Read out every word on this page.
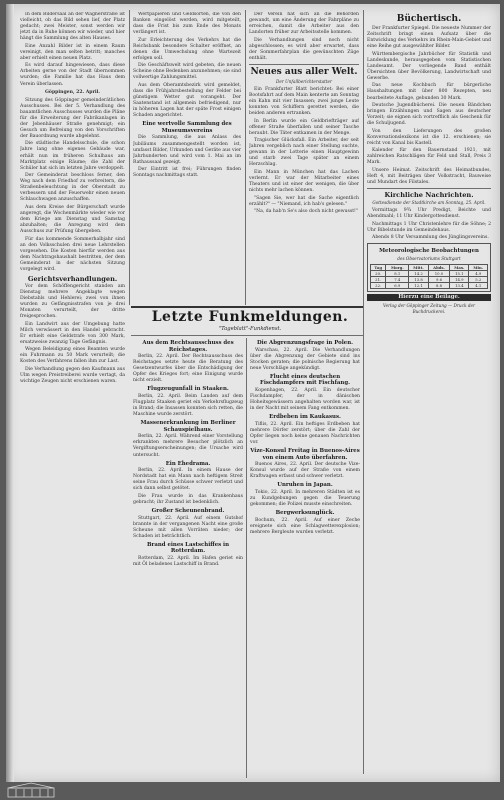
In dem Bildersaal an der Wagnerstraße ist vielleicht, ob das Bild sehen lief, der Platz gedacht; zwei Meister, sonst werden wir jetzt da in Ruhe können wir wieder, und hier hängt die Sammlung des alten Hauses.

Eine Anzahl Bilder ist in einem Raum vereinigt, den man selten betritt; manches aber erhielt einen neuen Platz.

Es wird darauf hingewiesen, dass diese Arbeiten gerne von der Stadt übernommen wurden; die Familie hat das Haus dem Verein überlassen.

Göppingen, 22. April.

Sitzung des Göppinger gemeinderätlichen Ausschusses. Bei der 5. Verhandlung des bauamtlichen Ausschusses wurden die Pläne für die Erweiterung der Fabrikanlagen in der Jebenhäuser Straße genehmigt; ein Gesuch um Befreiung von den Vorschriften der Bauordnung wurde abgelehnt.

Die städtische Handelsschule, die schon Jahre lang ohne eigenes Gebäude war, erhält nun im früheren Schulhaus am Marktplatz einige Räume; die Zahl der Schüler hat sich im letzten Jahre verdoppelt.

Der Gemeinderat beschloss ferner, den Weg nach dem Friedhof zu verbreitern, die Straßenbeleuchtung in der Oberstadt zu verbessern und der Feuerwehr einen neuen Schlauchwagen anzuschaffen.

Aus dem Kreise der Bürgerschaft wurde angeregt, die Wochenmärkte wieder wie vor dem Kriege am Dienstag und Samstag abzuhalten; die Anregung wird dem Ausschuss zur Prüfung übergeben.

Für das kommende Sommerhalbjahr sind an den Volksschulen drei neue Lehrstellen vorgesehen. Die Kosten hierfür werden aus dem Nachtragshaushalt bestritten, der dem Gemeinderat in der nächsten Sitzung vorgelegt wird.

Gerichtsverhandlungen.

Vor dem Schöffengericht standen am Dienstag mehrere Angeklagte wegen Diebstahls und Hehlerei; zwei von ihnen wurden zu Gefängnisstrafen von je drei Monaten verurteilt, der dritte freigesprochen.

Ein Landwirt aus der Umgebung hatte Milch verwässert in den Handel gebracht. Er erhielt eine Geldstrafe von 300 Mark, ersatzweise zwanzig Tage Gefängnis.

Wegen Beleidigung eines Beamten wurde ein Fuhrmann zu 50 Mark verurteilt; die Kosten des Verfahrens fallen ihm zur Last.

Die Verhandlung gegen den Kaufmann aus Ulm wegen Preistreiberei wurde vertagt, da wichtige Zeugen nicht erschienen waren.

Wertpapieren und Geldsorten, die von den Banken eingelöst werden, wird mitgeteilt, dass die Frist bis zum Ende des Monats verlängert ist.

Zur Erleichterung des Verkehrs hat die Reichsbank besondere Schalter eröffnet, an denen die Umwechslung ohne Wartezeit erfolgen soll.

Die Geschäftswelt wird gebeten, die neuen Scheine ohne Bedenken anzunehmen; sie sind vollwertige Zahlungsmittel.

Aus dem Oberamtsbezirk wird gemeldet, dass die Frühjahrsbestellung der Felder bei günstigem Wetter gut vorangeht. Der Saatenstand ist allgemein befriedigend, nur in höheren Lagen hat der späte Frost einigen Schaden angerichtet.

Eine wertvolle Sammlung des Museumsvereins

Die Sammlung, die aus Anlass des Jubiläums zusammengestellt worden ist, umfasst Bilder, Urkunden und Geräte aus vier Jahrhunderten und wird vom 1. Mai an im Rathaussaal gezeigt.

Der Eintritt ist frei; Führungen finden Sonntags nachmittags statt.

Der Verein hat sich an die Behörden gewandt, um eine Änderung der Fahrpläne zu erreichen, damit die Arbeiter aus den Landorten früher zur Arbeitsstelle kommen.

Die Verhandlungen sind noch nicht abgeschlossen; es wird aber erwartet, dass der Sommerfahrplan die gewünschten Züge enthält.

Neues aus aller Welt.
Der Unfallberichterstatter

Ein Frankfurter Blatt berichtet: Bei einer Bootsfahrt auf dem Main kenterte am Sonntag ein Kahn mit vier Insassen; zwei junge Leute konnten von Schiffern gerettet werden, die beiden anderen ertranken.

In Berlin wurde ein Geldbriefträger auf offener Straße überfallen und seiner Tasche beraubt. Die Täter entkamen in der Menge.

Tragischer Glücksfall. Ein Arbeiter, der seit Jahren vergeblich nach einer Stellung suchte, gewann in der Lotterie einen Hauptgewinn und starb zwei Tage später an einem Herzschlag.

Ein Mann in München hat das Lachen verlernt. Er war der Mitarbeiter eines Theaters und ist einer der wenigen, die über nichts mehr lachen können.

"Sagen Sie, wer hat die Sache eigentlich erzählt?" — "Niemand, ich hab's gelesen."

"Na, da hab'n Se's also doch nicht gewusst!"

Büchertisch.

Der Frankfurter Spiegel. Die neueste Nummer der Zeitschrift bringt einen Aufsatz über die Entwicklung des Verkehrs im Rhein-Main-Gebiet und eine Reihe gut ausgewählter Bilder.

Württembergische Jahrbücher für Statistik und Landeskunde, herausgegeben vom Statistischen Landesamt. Der vorliegende Band enthält Übersichten über Bevölkerung, Landwirtschaft und Gewerbe.

Das neue Kochbuch für bürgerliche Haushaltungen mit über 800 Rezepten, neu bearbeitete Auflage, gebunden 30 Mark.

Deutsche Jugendbücherei. Die neuen Bändchen bringen Erzählungen und Sagen aus deutscher Vorzeit; sie eignen sich vortrefflich als Geschenk für die Schuljugend.

Von den Lieferungen des großen Konversationslexikons ist die 12. erschienen; sie reicht von Kanal bis Kastell.

Kalender für den Bauernstand 1921, mit zahlreichen Ratschlägen für Feld und Stall, Preis 3 Mark.

Unsere Heimat. Zeitschrift des Heimatbundes, Heft 4, mit Beiträgen über Volkstracht, Bauweise und Mundart des Filstales.

Kirchliche Nachrichten.
Gottesdienste der Stadtkirche am Sonntag, 25. April.

Vormittags 9¾ Uhr Predigt, Beichte und Abendmahl; 11 Uhr Kindergottesdienst.

Nachmittags 1 Uhr Christenlehre für die Söhne; 2 Uhr Bibelstunde im Gemeindehaus.

Abends 8 Uhr Versammlung des Jünglingsvereins.

Meteorologische Beobachtungen
des Observatoriums Stuttgart
Tag	Morg.	Mitt.	Abds.	Max.	Min.
20.	8.1	14.2	10.0	15.1	4.9
21.	7.4	13.8	9.6	14.9	5.2
22.	6.9	12.1	8.8	13.4	4.1
Hierzu eine Beilage.
Verlag der Göppinger Zeitung — Druck der Buchdruckerei.
Letzte Funkmeldungen.
"Tageblatt"-Funkdienst.
Aus dem Rechtsausschuss des Reichstages.

Berlin, 22. April. Der Rechtsausschuss des Reichstages setzte heute die Beratung des Gesetzentwurfes über die Entschädigung der Opfer des Krieges fort; eine Einigung wurde nicht erzielt.

Flugzeugunfall in Staaken.

Berlin, 22. April. Beim Landen auf dem Flugplatz Staaken geriet ein Verkehrsflugzeug in Brand; die Insassen konnten sich retten, die Maschine wurde zerstört.

Massenerkrankung im Berliner Schauspielhaus.

Berlin, 22. April. Während einer Vorstellung erkrankten mehrere Besucher plötzlich an Vergiftungserscheinungen; die Ursache wird untersucht.

Ein Ehedrama.

Berlin, 22. April. In einem Hause der Nordstadt hat ein Mann nach heftigem Streit seine Frau durch Schüsse schwer verletzt und sich dann selbst getötet.

Die Frau wurde in das Krankenhaus gebracht; ihr Zustand ist bedenklich.

Großer Scheunenbrand.

Stuttgart, 22. April. Auf einem Gutshof brannte in der vergangenen Nacht eine große Scheune mit allen Vorräten nieder; der Schaden ist beträchtlich.

Brand eines Lastschiffes in Rotterdam.

Rotterdam, 22. April. Im Hafen geriet ein mit Öl beladenes Lastschiff in Brand.

Die Abgrenzungsfrage in Polen.

Warschau, 22. April. Die Verhandlungen über die Abgrenzung der Gebiete sind ins Stocken geraten; die polnische Regierung hat neue Vorschläge angekündigt.

Flucht eines deutschen Fischdampfers mit Fischfang.

Kopenhagen, 22. April. Ein deutscher Fischdampfer, der in dänischen Hoheitsgewässern angehalten worden war, ist in der Nacht mit seinem Fang entkommen.

Erdbeben im Kaukasus.

Tiflis, 22. April. Ein heftiges Erdbeben hat mehrere Dörfer zerstört; über die Zahl der Opfer liegen noch keine genauen Nachrichten vor.

Vize-Konsul Freitag in Buenos-Aires von einem Auto überfahren.

Buenos Aires, 22. April. Der deutsche Vize-Konsul wurde auf der Straße von einem Kraftwagen erfasst und schwer verletzt.

Unruhen in Japan.

Tokio, 22. April. In mehreren Städten ist es zu Kundgebungen gegen die Teuerung gekommen; die Polizei musste einschreiten.

Bergwerksunglück.

Bochum, 22. April. Auf einer Zeche ereignete sich eine Schlagwetterexplosion; mehrere Bergleute wurden verletzt.
